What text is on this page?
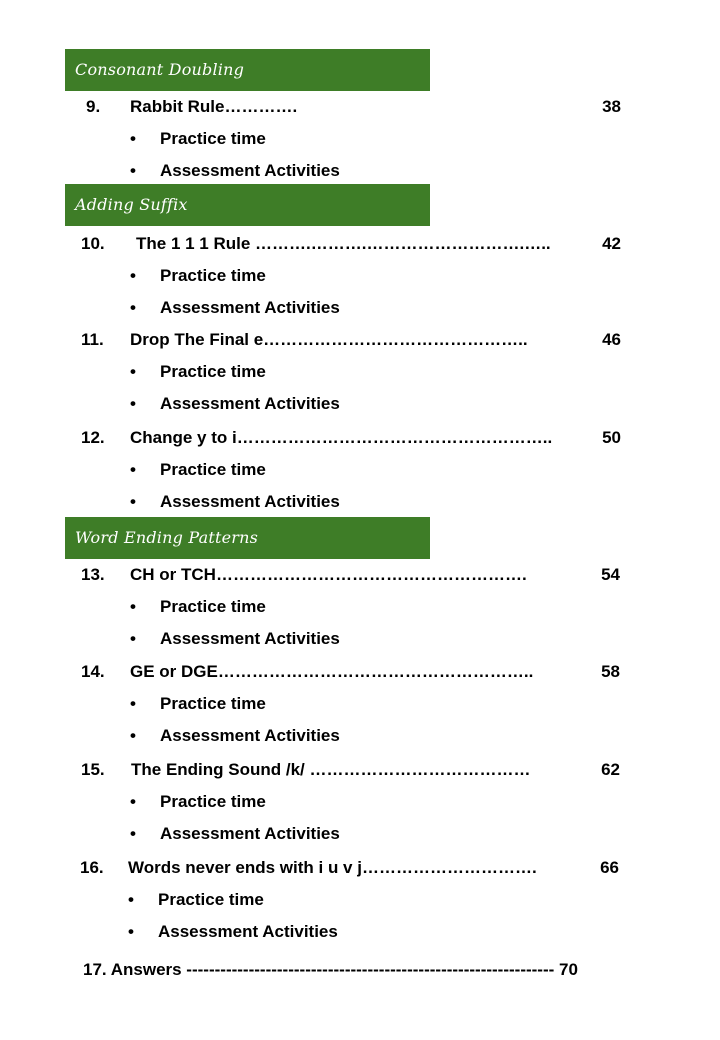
Consonant Doubling
Adding Suffix
Word Ending Patterns
9.	Rabbit Rule………….	38
• Practice time
• Assessment Activities
10.	The 1 1 1 Rule ……….……….……………………….…..	42
• Practice time
• Assessment Activities
11.	Drop The Final e………………………………………..	46
• Practice time
• Assessment Activities
12.	Change y to i………………………………………………..	50
• Practice time
• Assessment Activities
13.	CH or TCH……………………………………………….	54
• Practice time
• Assessment Activities
14.	GE or DGE………………………………………………..	58
• Practice time
• Assessment Activities
15.	The Ending Sound /k/ …………………………………	62
• Practice time
• Assessment Activities
16.	Words never ends with i u v j………………………….	66
• Practice time
• Assessment Activities
17. Answers ----------------------------------------------------------------- 70
